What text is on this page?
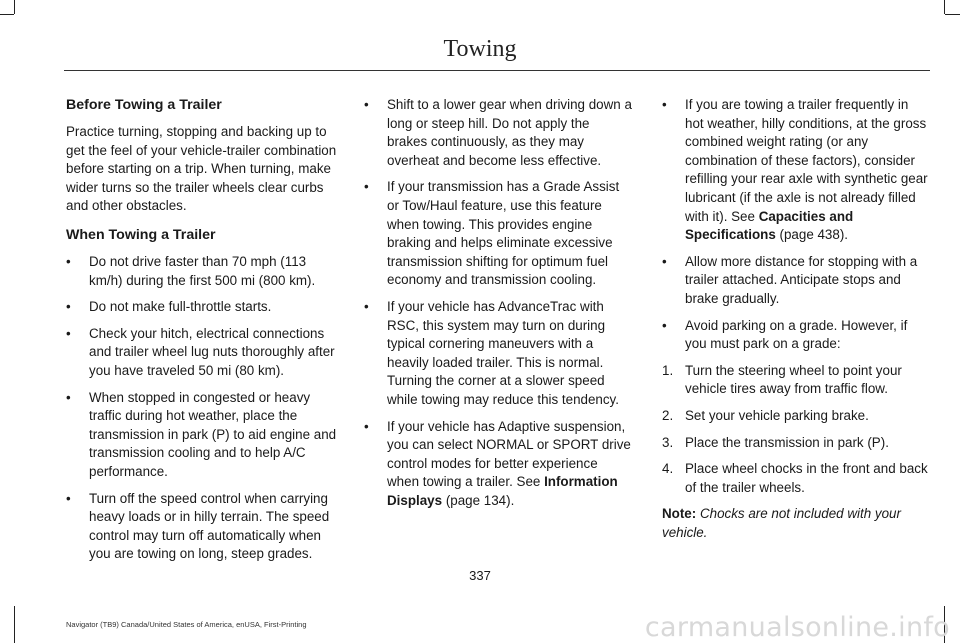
Towing
Before Towing a Trailer

Practice turning, stopping and backing up to get the feel of your vehicle-trailer combination before starting on a trip. When turning, make wider turns so the trailer wheels clear curbs and other obstacles.

When Towing a Trailer
• Do not drive faster than 70 mph (113 km/h) during the first 500 mi (800 km).
• Do not make full-throttle starts.
• Check your hitch, electrical connections and trailer wheel lug nuts thoroughly after you have traveled 50 mi (80 km).
• When stopped in congested or heavy traffic during hot weather, place the transmission in park (P) to aid engine and transmission cooling and to help A/C performance.
• Turn off the speed control when carrying heavy loads or in hilly terrain. The speed control may turn off automatically when you are towing on long, steep grades.
• Shift to a lower gear when driving down a long or steep hill. Do not apply the brakes continuously, as they may overheat and become less effective.
• If your transmission has a Grade Assist or Tow/Haul feature, use this feature when towing. This provides engine braking and helps eliminate excessive transmission shifting for optimum fuel economy and transmission cooling.
• If your vehicle has AdvanceTrac with RSC, this system may turn on during typical cornering maneuvers with a heavily loaded trailer. This is normal. Turning the corner at a slower speed while towing may reduce this tendency.
• If your vehicle has Adaptive suspension, you can select NORMAL or SPORT drive control modes for better experience when towing a trailer. See Information Displays (page 134).
• If you are towing a trailer frequently in hot weather, hilly conditions, at the gross combined weight rating (or any combination of these factors), consider refilling your rear axle with synthetic gear lubricant (if the axle is not already filled with it). See Capacities and Specifications (page 438).
• Allow more distance for stopping with a trailer attached. Anticipate stops and brake gradually.
• Avoid parking on a grade. However, if you must park on a grade:
1. Turn the steering wheel to point your vehicle tires away from traffic flow.
2. Set your vehicle parking brake.
3. Place the transmission in park (P).
4. Place wheel chocks in the front and back of the trailer wheels.

Note: Chocks are not included with your vehicle.

337
Navigator (TB9) Canada/United States of America, enUSA, First-Printing	carmanualsonline.info
